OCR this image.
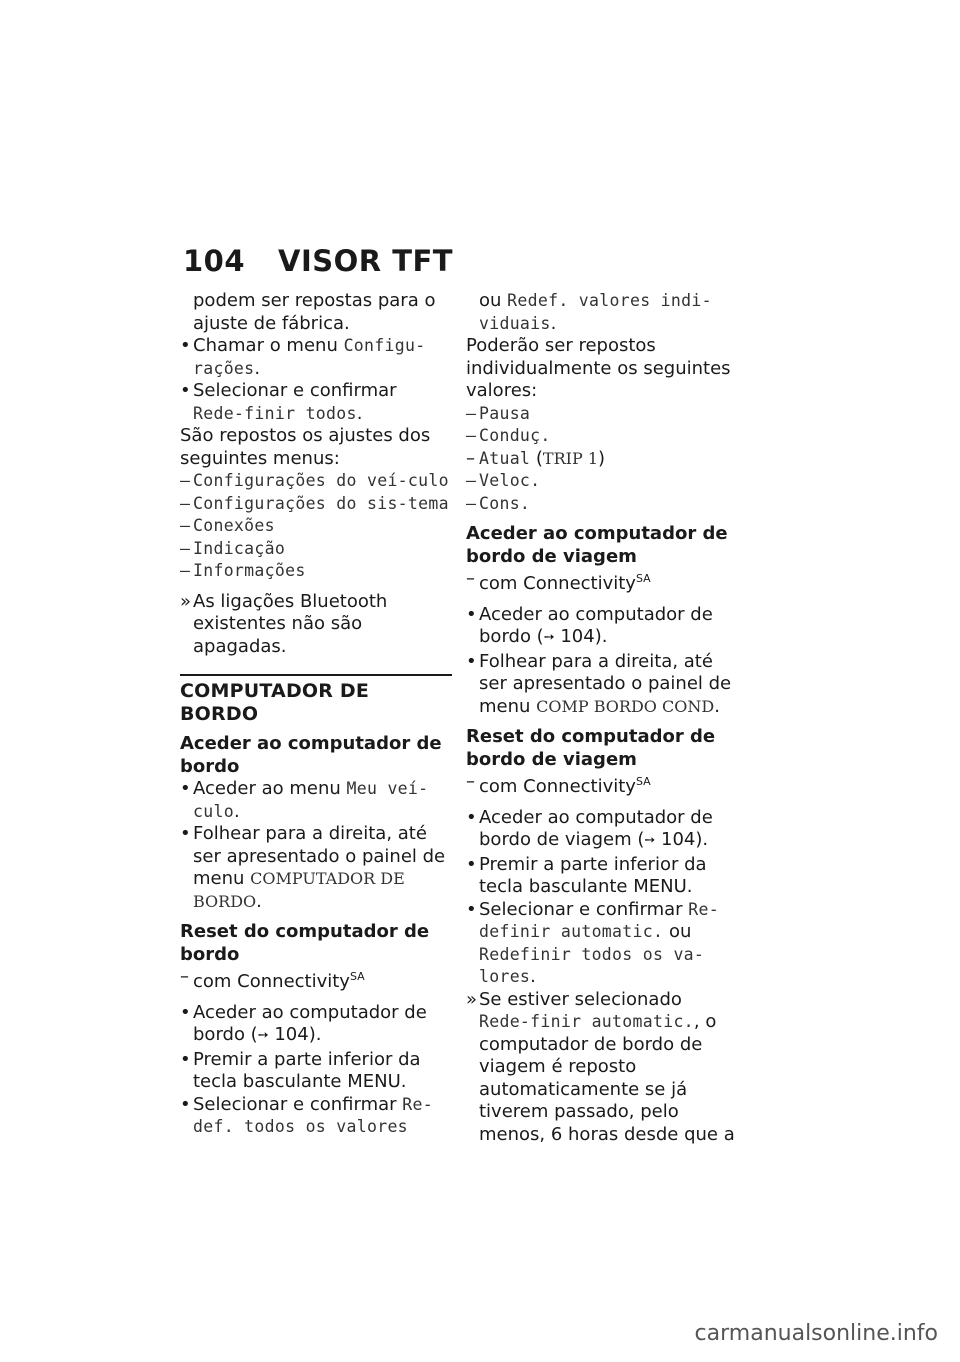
104 VISOR TFT

podem ser repostas para o ajuste de fábrica.

• Chamar o menu Configu-rações.

• Selecionar e confirmar Rede-finir todos.

São repostos os ajustes dos seguintes menus:

– Configurações do veí-culo

– Configurações do sis-tema

– Conexões

– Indicação

– Informações

» As ligações Bluetooth existentes não são apagadas.

COMPUTADOR DE BORDO

Aceder ao computador de bordo

• Aceder ao menu Meu veí-culo.

• Folhear para a direita, até ser apresentado o painel de menu COMPUTADOR DE BORDO.

Reset do computador de bordo

– com Connectivity$^{SA}$

• Aceder ao computador de bordo (➙ 104).

• Premir a parte inferior da tecla basculante MENU.

• Selecionar e confirmar Re-def. todos os valores

ou Redef. valores indi-viduais.

Poderão ser repostos individualmente os seguintes valores:

– Pausa

– Conduç.

– Atual (TRIP 1)

– Veloc.

– Cons.

Aceder ao computador de bordo de viagem

– com Connectivity$^{SA}$

• Aceder ao computador de bordo (➙ 104).

• Folhear para a direita, até ser apresentado o painel de menu COMP BORDO COND.

Reset do computador de bordo de viagem

– com Connectivity$^{SA}$

• Aceder ao computador de bordo de viagem (➙ 104).

• Premir a parte inferior da tecla basculante MENU.

• Selecionar e confirmar Re-definir automatic. ou Redefinir todos os va-lores.

» Se estiver selecionado Rede-finir automatic., o computador de bordo de viagem é reposto automaticamente se já tiverem passado, pelo menos, 6 horas desde que a

carmanualsonline.info
